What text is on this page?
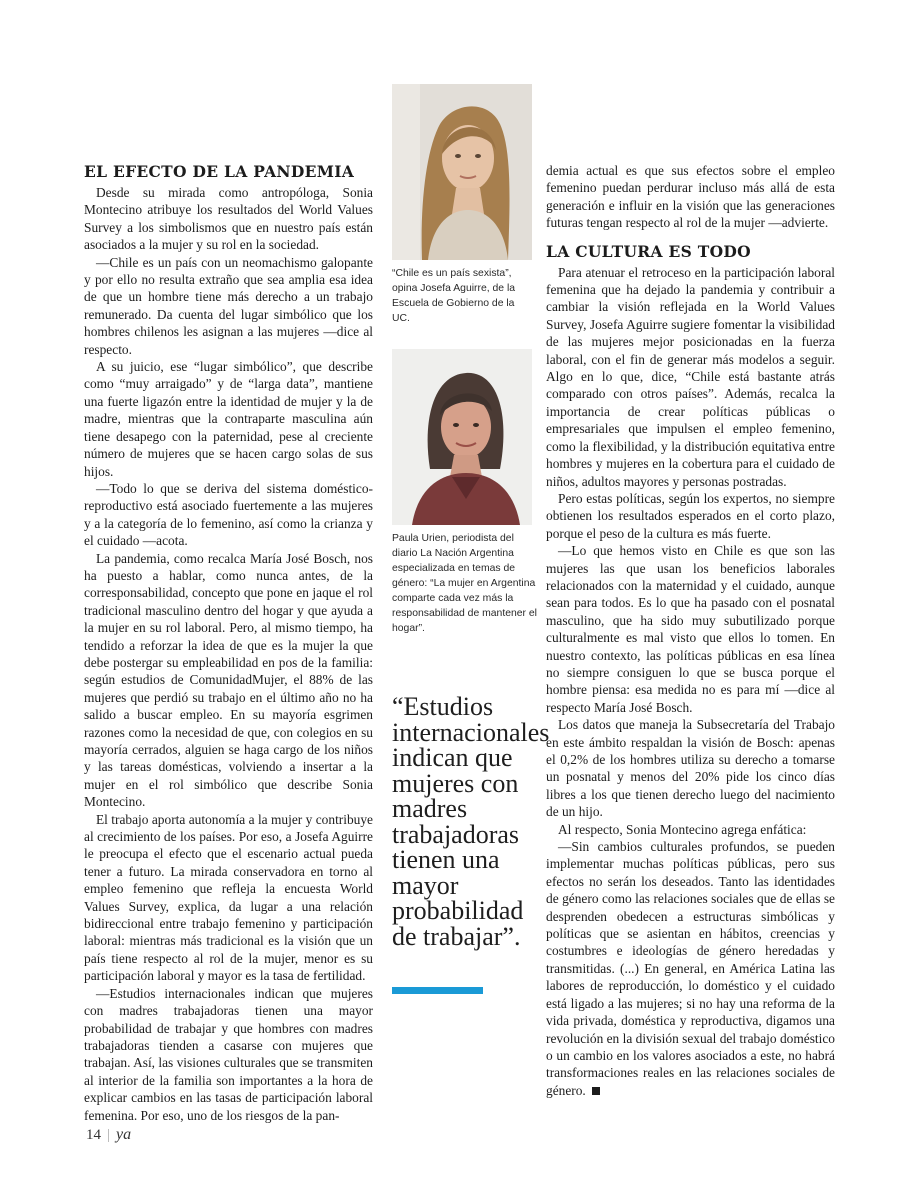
EL EFECTO DE LA PANDEMIA

Desde su mirada como antropóloga, Sonia Montecino atribuye los resultados del World Values Survey a los simbolismos que en nuestro país están asociados a la mujer y su rol en la sociedad.

—Chile es un país con un neomachismo galopante y por ello no resulta extraño que sea amplia esa idea de que un hombre tiene más derecho a un trabajo remunerado. Da cuenta del lugar simbólico que los hombres chilenos les asignan a las mujeres —dice al respecto.

A su juicio, ese “lugar simbólico”, que describe como “muy arraigado” y de “larga data”, mantiene una fuerte ligazón entre la identidad de mujer y la de madre, mientras que la contraparte masculina aún tiene desapego con la paternidad, pese al creciente número de mujeres que se hacen cargo solas de sus hijos.

—Todo lo que se deriva del sistema doméstico-reproductivo está asociado fuertemente a las mujeres y a la categoría de lo femenino, así como la crianza y el cuidado —acota.

La pandemia, como recalca María José Bosch, nos ha puesto a hablar, como nunca antes, de la corresponsabilidad, concepto que pone en jaque el rol tradicional masculino dentro del hogar y que ayuda a la mujer en su rol laboral. Pero, al mismo tiempo, ha tendido a reforzar la idea de que es la mujer la que debe postergar su empleabilidad en pos de la familia: según estudios de ComunidadMujer, el 88% de las mujeres que perdió su trabajo en el último año no ha salido a buscar empleo. En su mayoría esgrimen razones como la necesidad de que, con colegios en su mayoría cerrados, alguien se haga cargo de los niños y las tareas domésticas, volviendo a insertar a la mujer en el rol simbólico que describe Sonia Montecino.

El trabajo aporta autonomía a la mujer y contribuye al crecimiento de los países. Por eso, a Josefa Aguirre le preocupa el efecto que el escenario actual pueda tener a futuro. La mirada conservadora en torno al empleo femenino que refleja la encuesta World Values Survey, explica, da lugar a una relación bidireccional entre trabajo femenino y participación laboral: mientras más tradicional es la visión que un país tiene respecto al rol de la mujer, menor es su participación laboral y mayor es la tasa de fertilidad.

—Estudios internacionales indican que mujeres con madres trabajadoras tienen una mayor probabilidad de trabajar y que hombres con madres trabajadoras tienden a casarse con mujeres que trabajan. Así, las visiones culturales que se transmiten al interior de la familia son importantes a la hora de explicar cambios en las tasas de participación laboral femenina. Por eso, uno de los riesgos de la pan-

“Chile es un país sexista”, opina Josefa Aguirre, de la Escuela de Gobierno de la UC.
Paula Urien, periodista del diario La Nación Argentina especializada en temas de género: “La mujer en Argentina comparte cada vez más la responsabilidad de mantener el hogar”.
“Estudios internacionales indican que mujeres con madres trabajadoras tienen una mayor probabilidad de trabajar”.

demia actual es que sus efectos sobre el empleo femenino puedan perdurar incluso más allá de esta generación e influir en la visión que las generaciones futuras tengan respecto al rol de la mujer —advierte.

LA CULTURA ES TODO

Para atenuar el retroceso en la participación laboral femenina que ha dejado la pandemia y contribuir a cambiar la visión reflejada en la World Values Survey, Josefa Aguirre sugiere fomentar la visibilidad de las mujeres mejor posicionadas en la fuerza laboral, con el fin de generar más modelos a seguir. Algo en lo que, dice, “Chile está bastante atrás comparado con otros países”. Además, recalca la importancia de crear políticas públicas o empresariales que impulsen el empleo femenino, como la flexibilidad, y la distribución equitativa entre hombres y mujeres en la cobertura para el cuidado de niños, adultos mayores y personas postradas.

Pero estas políticas, según los expertos, no siempre obtienen los resultados esperados en el corto plazo, porque el peso de la cultura es más fuerte.

—Lo que hemos visto en Chile es que son las mujeres las que usan los beneficios laborales relacionados con la maternidad y el cuidado, aunque sean para todos. Es lo que ha pasado con el posnatal masculino, que ha sido muy subutilizado porque culturalmente es mal visto que ellos lo tomen. En nuestro contexto, las políticas públicas en esa línea no siempre consiguen lo que se busca porque el hombre piensa: esa medida no es para mí —dice al respecto María José Bosch.

Los datos que maneja la Subsecretaría del Trabajo en este ámbito respaldan la visión de Bosch: apenas el 0,2% de los hombres utiliza su derecho a tomarse un posnatal y menos del 20% pide los cinco días libres a los que tienen derecho luego del nacimiento de un hijo.

Al respecto, Sonia Montecino agrega enfática:

—Sin cambios culturales profundos, se pueden implementar muchas políticas públicas, pero sus efectos no serán los deseados. Tanto las identidades de género como las relaciones sociales que de ellas se desprenden obedecen a estructuras simbólicas y políticas que se asientan en hábitos, creencias y costumbres e ideologías de género heredadas y transmitidas. (...) En general, en América Latina las labores de reproducción, lo doméstico y el cuidado está ligado a las mujeres; si no hay una reforma de la vida privada, doméstica y reproductiva, digamos una revolución en la división sexual del trabajo doméstico o un cambio en los valores asociados a este, no habrá transformaciones reales en las relaciones sociales de género.

14 | ya
